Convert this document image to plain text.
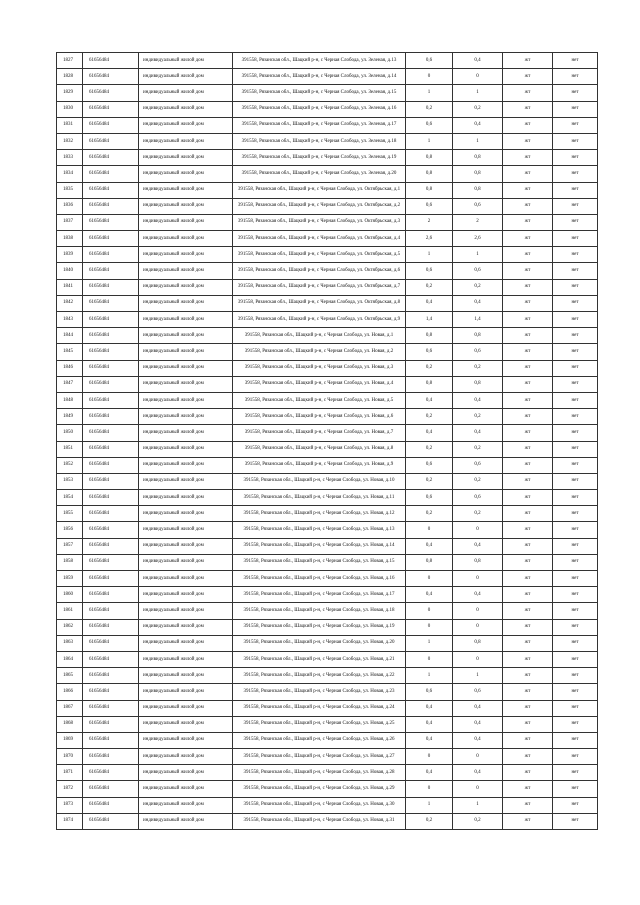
1827	61656484	индивидуальный жилой дом	391558, Рязанская обл., Шацкий р-н, с Черная Слобода, ул. Зеленая, д.13	0,6	0,4	жт	нет
1828	61656484	индивидуальный жилой дом	391558, Рязанская обл., Шацкий р-н, с Черная Слобода, ул. Зеленая, д.14	0	0	жт	нет
1829	61656484	индивидуальный жилой дом	391558, Рязанская обл., Шацкий р-н, с Черная Слобода, ул. Зеленая, д.15	1	1	жт	нет
1830	61656484	индивидуальный жилой дом	391558, Рязанская обл., Шацкий р-н, с Черная Слобода, ул. Зеленая, д.16	0,2	0,2	жт	нет
1831	61656484	индивидуальный жилой дом	391558, Рязанская обл., Шацкий р-н, с Черная Слобода, ул. Зеленая, д.17	0,6	0,4	жт	нет
1832	61656484	индивидуальный жилой дом	391558, Рязанская обл., Шацкий р-н, с Черная Слобода, ул. Зеленая, д.18	1	1	жт	нет
1833	61656484	индивидуальный жилой дом	391558, Рязанская обл., Шацкий р-н, с Черная Слобода, ул. Зеленая, д.19	0,8	0,8	жт	нет
1834	61656484	индивидуальный жилой дом	391558, Рязанская обл., Шацкий р-н, с Черная Слобода, ул. Зеленая, д.20	0,8	0,8	жт	нет
1835	61656484	индивидуальный жилой дом	391558, Рязанская обл., Шацкий р-н, с Черная Слобода, ул. Октябрьская, д.1	0,8	0,8	жт	нет
1836	61656484	индивидуальный жилой дом	391558, Рязанская обл., Шацкий р-н, с Черная Слобода, ул. Октябрьская, д.2	0,6	0,6	жт	нет
1837	61656484	индивидуальный жилой дом	391558, Рязанская обл., Шацкий р-н, с Черная Слобода, ул. Октябрьская, д.3	2	2	жт	нет
1838	61656484	индивидуальный жилой дом	391558, Рязанская обл., Шацкий р-н, с Черная Слобода, ул. Октябрьская, д.4	2,6	2,6	жт	нет
1839	61656484	индивидуальный жилой дом	391558, Рязанская обл., Шацкий р-н, с Черная Слобода, ул. Октябрьская, д.5	1	1	жт	нет
1840	61656484	индивидуальный жилой дом	391558, Рязанская обл., Шацкий р-н, с Черная Слобода, ул. Октябрьская, д.6	0,6	0,6	жт	нет
1841	61656484	индивидуальный жилой дом	391558, Рязанская обл., Шацкий р-н, с Черная Слобода, ул. Октябрьская, д.7	0,2	0,2	жт	нет
1842	61656484	индивидуальный жилой дом	391558, Рязанская обл., Шацкий р-н, с Черная Слобода, ул. Октябрьская, д.8	0,4	0,4	жт	нет
1843	61656484	индивидуальный жилой дом	391558, Рязанская обл., Шацкий р-н, с Черная Слобода, ул. Октябрьская, д.9	1,4	1,4	жт	нет
1844	61656484	индивидуальный жилой дом	391558, Рязанская обл., Шацкий р-н, с Черная Слобода, ул. Новая, д.1	0,8	0,8	жт	нет
1845	61656484	индивидуальный жилой дом	391558, Рязанская обл., Шацкий р-н, с Черная Слобода, ул. Новая, д.2	0,6	0,6	жт	нет
1846	61656484	индивидуальный жилой дом	391558, Рязанская обл., Шацкий р-н, с Черная Слобода, ул. Новая, д.3	0,2	0,2	жт	нет
1847	61656484	индивидуальный жилой дом	391558, Рязанская обл., Шацкий р-н, с Черная Слобода, ул. Новая, д.4	0,8	0,8	жт	нет
1848	61656484	индивидуальный жилой дом	391558, Рязанская обл., Шацкий р-н, с Черная Слобода, ул. Новая, д.5	0,4	0,4	жт	нет
1849	61656484	индивидуальный жилой дом	391558, Рязанская обл., Шацкий р-н, с Черная Слобода, ул. Новая, д.6	0,2	0,2	жт	нет
1850	61656484	индивидуальный жилой дом	391558, Рязанская обл., Шацкий р-н, с Черная Слобода, ул. Новая, д.7	0,4	0,4	жт	нет
1851	61656484	индивидуальный жилой дом	391558, Рязанская обл., Шацкий р-н, с Черная Слобода, ул. Новая, д.8	0,2	0,2	жт	нет
1852	61656484	индивидуальный жилой дом	391558, Рязанская обл., Шацкий р-н, с Черная Слобода, ул. Новая, д.9	0,6	0,6	жт	нет
1853	61656484	индивидуальный жилой дом	391558, Рязанская обл., Шацкий р-н, с Черная Слобода, ул. Новая, д.10	0,2	0,2	жт	нет
1854	61656484	индивидуальный жилой дом	391558, Рязанская обл., Шацкий р-н, с Черная Слобода, ул. Новая, д.11	0,6	0,6	жт	нет
1855	61656484	индивидуальный жилой дом	391558, Рязанская обл., Шацкий р-н, с Черная Слобода, ул. Новая, д.12	0,2	0,2	жт	нет
1856	61656484	индивидуальный жилой дом	391558, Рязанская обл., Шацкий р-н, с Черная Слобода, ул. Новая, д.13	0	0	жт	нет
1857	61656484	индивидуальный жилой дом	391558, Рязанская обл., Шацкий р-н, с Черная Слобода, ул. Новая, д.14	0,4	0,4	жт	нет
1858	61656484	индивидуальный жилой дом	391558, Рязанская обл., Шацкий р-н, с Черная Слобода, ул. Новая, д.15	0,8	0,8	жт	нет
1859	61656484	индивидуальный жилой дом	391558, Рязанская обл., Шацкий р-н, с Черная Слобода, ул. Новая, д.16	0	0	жт	нет
1860	61656484	индивидуальный жилой дом	391558, Рязанская обл., Шацкий р-н, с Черная Слобода, ул. Новая, д.17	0,4	0,4	жт	нет
1861	61656484	индивидуальный жилой дом	391558, Рязанская обл., Шацкий р-н, с Черная Слобода, ул. Новая, д.18	0	0	жт	нет
1862	61656484	индивидуальный жилой дом	391558, Рязанская обл., Шацкий р-н, с Черная Слобода, ул. Новая, д.19	0	0	жт	нет
1863	61656484	индивидуальный жилой дом	391558, Рязанская обл., Шацкий р-н, с Черная Слобода, ул. Новая, д.20	1	0,8	жт	нет
1864	61656484	индивидуальный жилой дом	391558, Рязанская обл., Шацкий р-н, с Черная Слобода, ул. Новая, д.21	0	0	жт	нет
1865	61656484	индивидуальный жилой дом	391558, Рязанская обл., Шацкий р-н, с Черная Слобода, ул. Новая, д.22	1	1	жт	нет
1866	61656484	индивидуальный жилой дом	391558, Рязанская обл., Шацкий р-н, с Черная Слобода, ул. Новая, д.23	0,6	0,6	жт	нет
1867	61656484	индивидуальный жилой дом	391558, Рязанская обл., Шацкий р-н, с Черная Слобода, ул. Новая, д.24	0,4	0,4	жт	нет
1868	61656484	индивидуальный жилой дом	391558, Рязанская обл., Шацкий р-н, с Черная Слобода, ул. Новая, д.25	0,4	0,4	жт	нет
1869	61656484	индивидуальный жилой дом	391558, Рязанская обл., Шацкий р-н, с Черная Слобода, ул. Новая, д.26	0,4	0,4	жт	нет
1870	61656484	индивидуальный жилой дом	391558, Рязанская обл., Шацкий р-н, с Черная Слобода, ул. Новая, д.27	0	0	жт	нет
1871	61656484	индивидуальный жилой дом	391558, Рязанская обл., Шацкий р-н, с Черная Слобода, ул. Новая, д.28	0,4	0,4	жт	нет
1872	61656484	индивидуальный жилой дом	391558, Рязанская обл., Шацкий р-н, с Черная Слобода, ул. Новая, д.29	0	0	жт	нет
1873	61656484	индивидуальный жилой дом	391558, Рязанская обл., Шацкий р-н, с Черная Слобода, ул. Новая, д.30	1	1	жт	нет
1874	61656484	индивидуальный жилой дом	391558, Рязанская обл., Шацкий р-н, с Черная Слобода, ул. Новая, д.31	0,2	0,2	жт	нет
